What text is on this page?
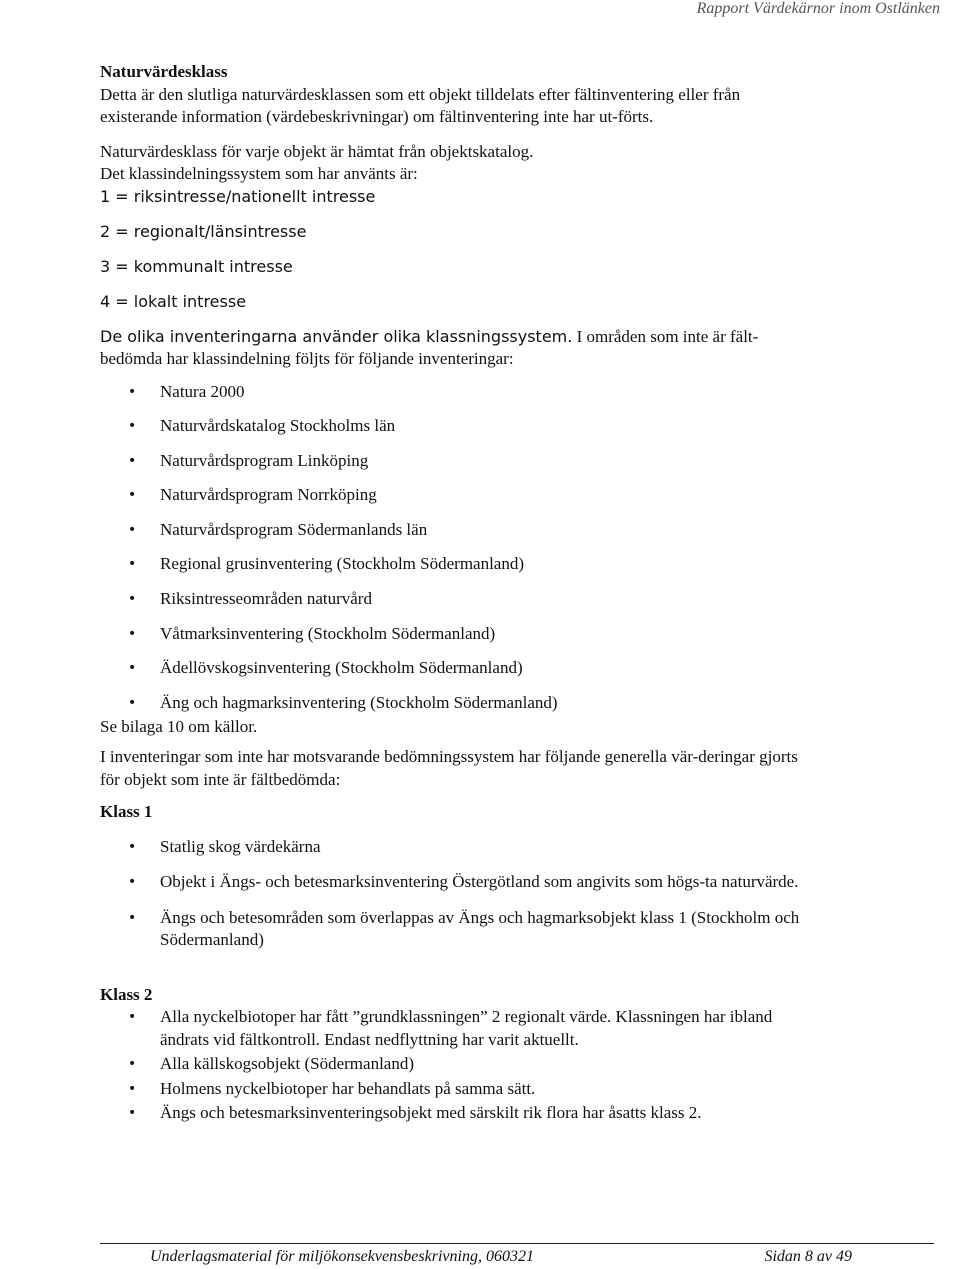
Rapport Värdekärnor inom Ostlänken

Naturvärdesklass

Detta är den slutliga naturvärdesklassen som ett objekt tilldelats efter fältinventering eller från existerande information (värdebeskrivningar) om fältinventering inte har ut-förts.

Naturvärdesklass för varje objekt är hämtat från objektskatalog.

Det klassindelningssystem som har använts är:

1 = riksintresse/nationellt intresse
2 = regionalt/länsintresse
3 = kommunalt intresse
4 = lokalt intresse

De olika inventeringarna använder olika klassningssystem. I områden som inte är fält-bedömda har klassindelning följts för följande inventeringar:

• Natura 2000
• Naturvårdskatalog Stockholms län
• Naturvårdsprogram Linköping
• Naturvårdsprogram Norrköping
• Naturvårdsprogram Södermanlands län
• Regional grusinventering (Stockholm Södermanland)
• Riksintresseområden naturvård
• Våtmarksinventering (Stockholm Södermanland)
• Ädellövskogsinventering (Stockholm Södermanland)
• Äng och hagmarksinventering (Stockholm Södermanland)

Se bilaga 10 om källor.

I inventeringar som inte har motsvarande bedömningssystem har följande generella vär-deringar gjorts för objekt som inte är fältbedömda:

Klass 1

• Statlig skog värdekärna
• Objekt i Ängs- och betesmarksinventering Östergötland som angivits som högs-ta naturvärde.
• Ängs och betesområden som överlappas av Ängs och hagmarksobjekt klass 1 (Stockholm och Södermanland)

Klass 2

• Alla nyckelbiotoper har fått ”grundklassningen” 2 regionalt värde. Klassningen har ibland ändrats vid fältkontroll. Endast nedflyttning har varit aktuellt.
• Alla källskogsobjekt (Södermanland)
• Holmens nyckelbiotoper har behandlats på samma sätt.
• Ängs och betesmarksinventeringsobjekt med särskilt rik flora har åsatts klass 2.
Underlagsmaterial för miljökonsekvensbeskrivning, 060321	Sidan 8 av 49
